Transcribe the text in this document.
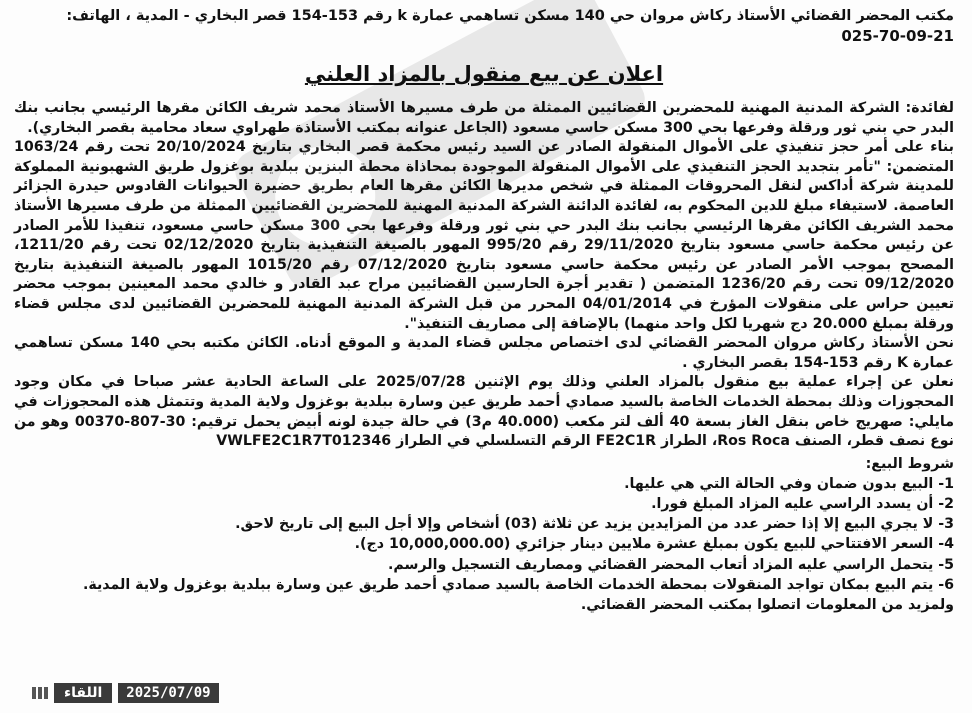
مكتب المحضر القضائي الأستاذ ركاش مروان حي 140 مسكن تساهمي عمارة k رقم 153-154 قصر البخاري - المدية ، الهاتف:
025-70-09-21
اعلان عن بيع منقول بالمزاد العلني

لفائدة: الشركة المدنية المهنية للمحضرين القضائيين الممثلة من طرف مسيرها الأستاذ محمد شريف الكائن مقرها الرئيسي بجانب بنك البدر حي بني ثور ورقلة وفرعها بحي 300 مسكن حاسي مسعود (الجاعل عنوانه بمكتب الأستاذة طهراوي سعاد محامية بقصر البخاري).

بناء على أمر حجز تنفيذي على الأموال المنقولة الصادر عن السيد رئيس محكمة قصر البخاري بتاريخ 20/10/2024 تحت رقم 1063/24 المتضمن: "تأمر بتجديد الحجز التنفيذي على الأموال المنقولة الموجودة بمحاذاة محطة البنزين ببلدية بوغزول طريق الشهبونية المملوكة للمدينة شركة أداكس لنقل المحروقات الممثلة في شخص مديرها الكائن مقرها العام بطريق حضيرة الحيوانات القادوس حيدرة الجزائر العاصمة. لاستيفاء مبلغ للدين المحكوم به، لفائدة الدائنة الشركة المدنية المهنية للمحضرين القضائيين الممثلة من طرف مسيرها الأستاذ محمد الشريف الكائن مقرها الرئيسي بجانب بنك البدر حي بني ثور ورقلة وفرعها بحي 300 مسكن حاسي مسعود، تنفيذا للأمر الصادر عن رئيس محكمة حاسي مسعود بتاريخ 29/11/2020 رقم 995/20 المهور بالصيغة التنفيذية بتاريخ 02/12/2020 تحت رقم 1211/20، المصحح بموجب الأمر الصادر عن رئيس محكمة حاسي مسعود بتاريخ 07/12/2020 رقم 1015/20 المهور بالصيغة التنفيذية بتاريخ 09/12/2020 تحت رقم 1236/20 المتضمن ( تقدير أجرة الحارسين القضائيين مراح عبد القادر و خالدي محمد المعينين بموجب محضر تعيين حراس على منقولات المؤرخ في 04/01/2014 المحرر من قبل الشركة المدنية المهنية للمحضرين القضائيين لدى مجلس قضاء ورقلة بمبلغ 20.000 دج شهريا لكل واحد منهما) بالإضافة إلى مصاريف التنفيذ".

نحن الأستاذ ركاش مروان المحضر القضائي لدى اختصاص مجلس قضاء المدية و الموقع أدناه. الكائن مكتبه بحي 140 مسكن تساهمي عمارة K رقم 153-154 بقصر البخاري .

نعلن عن إجراء عملية بيع منقول بالمزاد العلني وذلك يوم الإثنين 2025/07/28 على الساعة الحادية عشر صباحا في مكان وجود المحجوزات وذلك بمحطة الخدمات الخاصة بالسيد صمادي أحمد طريق عين وسارة ببلدية بوغزول ولاية المدية وتتمثل هذه المحجوزات في مايلي: صهريج خاص بنقل الغاز بسعة 40 ألف لتر مكعب (40.000 م3) في حالة جيدة لونه أبيض يحمل ترقيم: 30-807-00370 وهو من نوع نصف قطر، الصنف Ros Roca، الطراز FE2C1R الرقم التسلسلي في الطراز VWLFE2C1R7T012346

شروط البيع:
1- البيع بدون ضمان وفي الحالة التي هي عليها.
2- أن يسدد الراسي عليه المزاد المبلغ فورا.
3- لا يجري البيع إلا إذا حضر عدد من المزايدين يزيد عن ثلاثة (03) أشخاص وإلا أجل البيع إلى تاريخ لاحق.
4- السعر الافتتاحي للبيع يكون بمبلغ عشرة ملايين دينار جزائري (10,000,000.00 دج).
5- يتحمل الراسي عليه المزاد أتعاب المحضر القضائي ومصاريف التسجيل والرسم.
6- يتم البيع بمكان تواجد المنقولات بمحطة الخدمات الخاصة بالسيد صمادي أحمد طريق عين وسارة ببلدية بوغزول ولاية المدية.
ولمزيد من المعلومات اتصلوا بمكتب المحضر القضائي.
اللقاء	2025/07/09
